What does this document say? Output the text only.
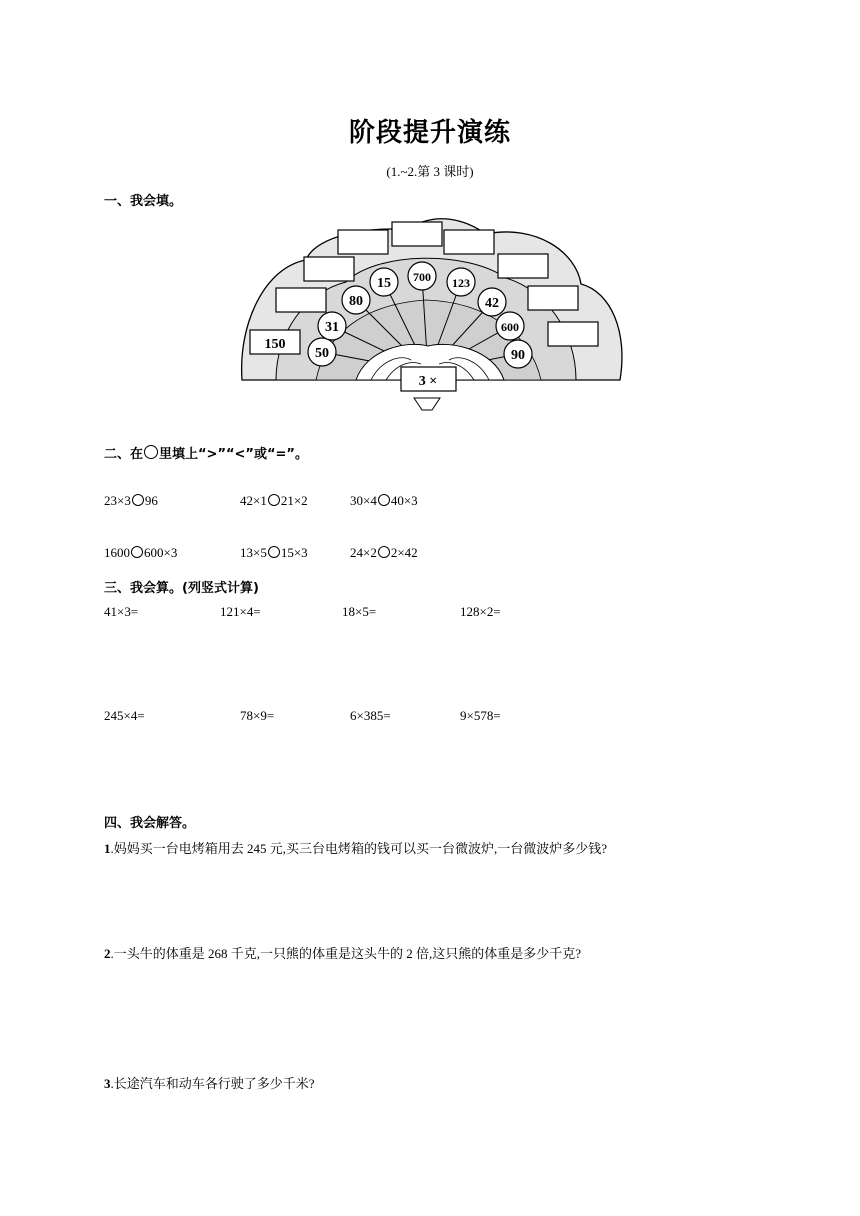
阶段提升演练
(1.~2.第 3 课时)
一、我会填。
150
50
31
80
15 700 123
42
600
90
3 ×
二、在 里填上“>”“<”或“=”。
23×3 96	42×1 21×2	30×4 40×3
1600 600×3	13×5 15×3	24×2 2×42
三、我会算。(列竖式计算)
41×3=	121×4=	18×5=	128×2=
245×4=	78×9=	6×385=	9×578=
四、我会解答。
1.妈妈买一台电烤箱用去 245 元,买三台电烤箱的钱可以买一台微波炉,一台微波炉多少钱?
2.一头牛的体重是 268 千克,一只熊的体重是这头牛的 2 倍,这只熊的体重是多少千克?
3.长途汽车和动车各行驶了多少千米?
